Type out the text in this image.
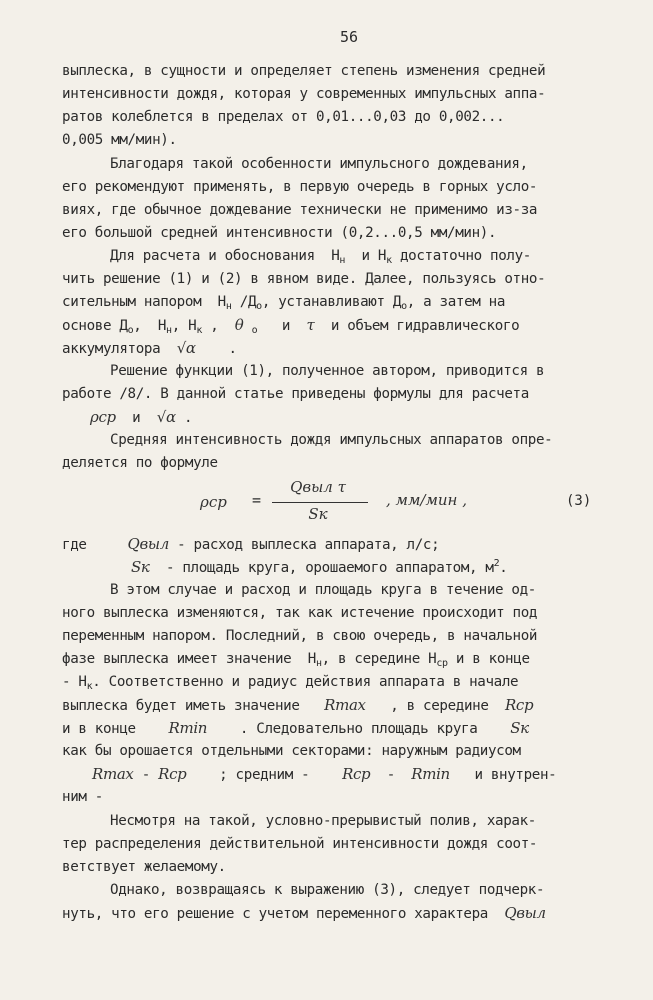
56
выплеска, в сущности и определяет степень изменения средней
интенсивности дождя, которая у современных импульсных аппа-
ратов колеблется в пределах от 0,01...0,03 до 0,002...
0,005 мм/мин).
Благодаря такой особенности импульсного дождевания,
его рекомендуют применять, в первую очередь в горных усло-
виях, где обычное дождевание технически не применимо из-за
его большой средней интенсивности (0,2...0,5 мм/мин).
Для расчета и обоснования $H_н$ и $H_к$ достаточно полу-
чить решение (1) и (2) в явном виде. Далее, пользуясь отно-
сительным напором $H_н$ $/Д_o$, устанавливают $Д_o$, а затем на
основе $Д_o$, $H_н$, $H_к$ , θ $_o$ и τ и объем гидравлического
аккумулятора √α .
Решение функции (1), полученное автором, приводится в
работе /8/. В данной статье приведены формулы для расчета
ρcp и √α .
Средняя интенсивность дождя импульсных аппаратов опре-
деляется по формуле
ρcp =
Qвыл τ
Sк
, мм/мин ,	(3)
где	Qвыл - расход выплеска аппарата, л/с;
Sк - площадь круга, орошаемого аппаратом, $м^2$.
В этом случае и расход и площадь круга в течение од-
ного выплеска изменяются, так как истечение происходит под
переменным напором. Последний, в свою очередь, в начальной
фазе выплеска имеет значение $H_н$, в середине $H_{ср}$ и в конце
- $H_к$. Соответственно и радиус действия аппарата в начале
выплеска будет иметь значение Rmax , в середине Rcp
и в конце Rmin . Следовательно площадь круга Sк
как бы орошается отдельными секторами: наружным радиусом
Rmax - Rcp ; средним - Rcp - Rmin и внутрен-
ним -
Несмотря на такой, условно-прерывистый полив, харак-
тер распределения действительной интенсивности дождя соот-
ветствует желаемому.
Однако, возвращаясь к выражению (3), следует подчерк-
нуть, что его решение с учетом переменного характера Qвыл
